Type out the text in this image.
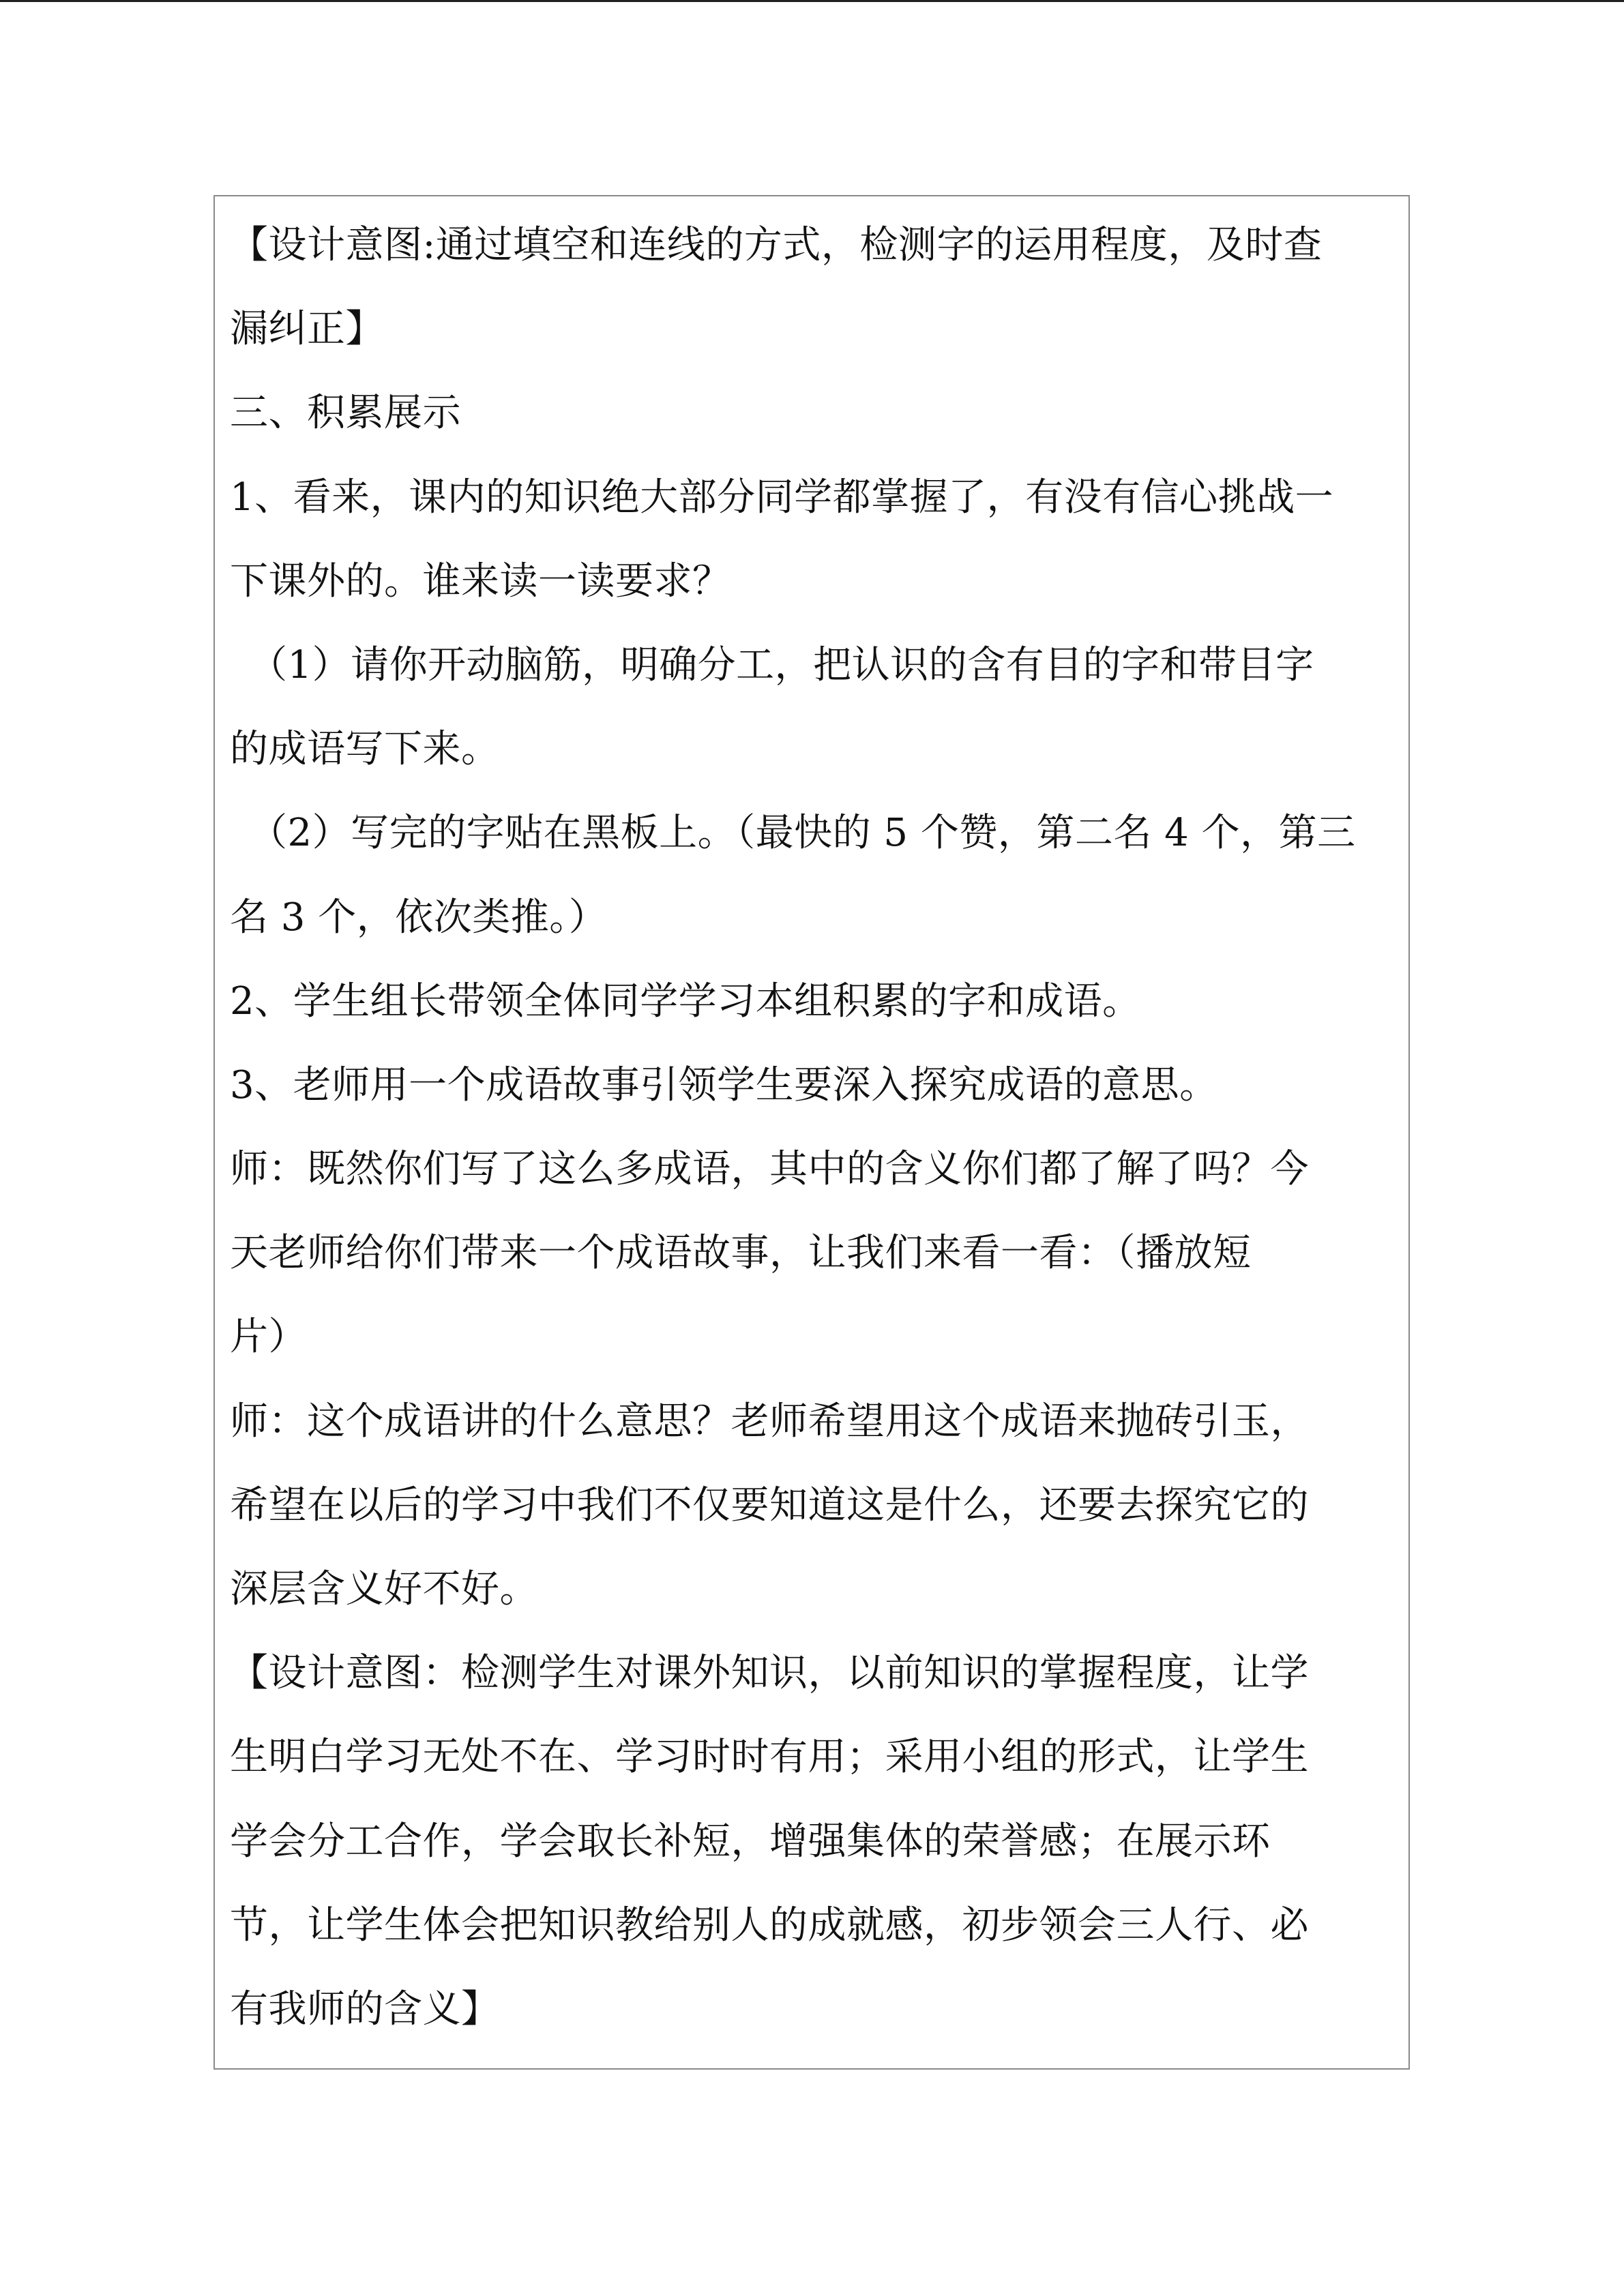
【设计意图:通过填空和连线的方式，检测字的运用程度，及时查
漏纠正】
三、积累展示
1、看来，课内的知识绝大部分同学都掌握了，有没有信心挑战一
下课外的。谁来读一读要求？
（1）请你开动脑筋，明确分工，把认识的含有目的字和带目字
的成语写下来。
（2）写完的字贴在黑板上。（最快的 5 个赞，第二名 4 个，第三
名 3 个，依次类推。）
2、学生组长带领全体同学学习本组积累的字和成语。
3、老师用一个成语故事引领学生要深入探究成语的意思。
师：既然你们写了这么多成语，其中的含义你们都了解了吗？今
天老师给你们带来一个成语故事，让我们来看一看：（播放短
片）
师：这个成语讲的什么意思？老师希望用这个成语来抛砖引玉，
希望在以后的学习中我们不仅要知道这是什么，还要去探究它的
深层含义好不好。
【设计意图：检测学生对课外知识，以前知识的掌握程度，让学
生明白学习无处不在、学习时时有用；采用小组的形式，让学生
学会分工合作，学会取长补短，增强集体的荣誉感；在展示环
节，让学生体会把知识教给别人的成就感，初步领会三人行、必
有我师的含义】
